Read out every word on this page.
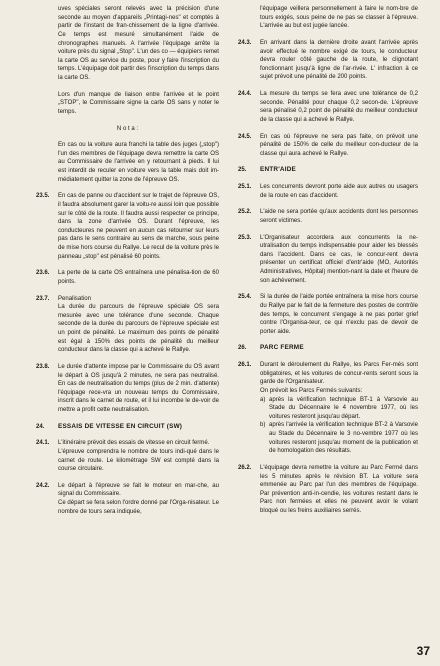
uves spéciales seront relevés avec la précision d'une seconde au moyen d'appareils „Printagi-nes" et comptés à partir de l'instant de fran-chissement de la ligne d'arrivée. Ce temps est mesuré simultanément l'aide de chronographes manuels. A l'arrivée l'équipage arrête la voiture près du signal „Stop". L'un des co — équipiers remet la carte OS au service du poste, pour y faire l'inscription du temps. L'équipage doit partir des l'inscription du temps dans la carte OS.
Lors d'un manque de liaison entre l'arrivée et le point „STOP", le Commissaire signe la carte OS sans y noter le temps.
N o t a :
En cas ou la voiture aura franchi la table des juges („stop") l'un des membres de l'équipage devra remettre la carte OS au Commissaire de l'arrivée en y retournant à pieds. Il lui est interdit de reculer en voiture vers la table mais doit im-médiatement quitter la zone de l'épreuve OS.
23.5.	En cas de panne ou d'accident sur le trajet de l'épreuve OS, il faudra absolument garer la voitu-re aussi loin que possible sur le côté de la route. Il faudra aussi respecter ce principe, dans la zone d'arrivée OS. Durant l'épreuve, les conducteures ne peuvent en aucun cas retourner sur leurs pas dans le sens contraire au sens de marche, sous peine de mise hors course du Rallye. Le recul de la voiture près le panneau „stop" est pénalisé 60 points.
23.6.	La perte de la carte OS entraînera une pénalisa-tion de 60 points.
23.7.	Penalisation
La durée du parcours de l'épreuve spéciale OS sera mesurée avec une tolérance d'une seconde. Chaque seconde de la durée du parcours de l'épreuve spéciale est un point de pénalité. Le maximum des points de pénalité est égal à 150% des points de pénalité du meilleur conducteur dans la classe qui a achevé le Rallye.
23.8.	Le durée d'attente impose par le Commissaire du OS avant le départ à OS jusqu'à 2 minutes, ne sera pas neutralisé. En cas de neutralisation du temps (plus de 2 min. d'attente) l'équipage rece-vra un nouveau temps du Commissaire, inscrit dans le carnet de route, et il lui incombe le de-voir de mettre a profit cette neutralisation.
24.	ESSAIS DE VITESSE EN CIRCUIT (SW)
24.1.	L'itinéraire prévoit des essais de vitesse en circuit fermé.
L'épreuve comprendra le nombre de tours indi-qué dans le carnet de route. Le kilométrage SW est compté dans la course circulaire.
24.2.	Le départ à l'épreuve se fait le moteur en mar-che, au signal du Commissaire.
Ce départ se fera selon l'ordre donné par l'Orga-nisateur. Le nombre de tours sera indiquée,
l'équipage veillera personnellement à faire le nom-bre de tours exigés, sous peine de ne pas se classer à l'épreuve. L'arrivée au but est jugée lancée.
24.3.	En arrivant dans la dernière droite avant l'arrivée après avoir effectué le nombre exigé de tours, le conducteur devra rouler côté gauche de la route, le clignotant fonctionnant jusqu'à ligne de l'ar-rivée. L' infraction à ce sujet prévoit une pénalité de 200 points.
24.4.	La mesure du temps se fera avec une tolérance de 0,2 seconde. Pénalité pour chaque 0,2 secon-de. L'épreuve sera pénalisé 0,2 point de pénalité du meilleur conducteur de la classe qui a achevé le Rallye.
24.5.	En cas où l'épreuve ne sera pas faite, on prévoit une pénalité de 150% de celle du meilleur con-ducteur de la classe qui aura achevé le Rallye.
25.	ENTR'AIDE
25.1.	Les concurrents devront porte aide aux autres ou usagers de la route en cas d'accident.
25.2.	L'aide ne sera portée qu'aux accidents dont les personnes seront victimes.
25.3.	L'Organisateur accordera aux concurrents la ne-utralisation du temps indispensable pour aider les blessés dans l'accident. Dans ce cas, le concur-rent devra présenter un certificat officiel d'entr'aide (MO, Autorités Administratives, Hôpital) mention-nant la date et l'heure de son achèvement.
25.4.	Si la durée de l'aide portée entraînera la mise hors course du Rallye par le fait de la fermeture des postes de contrôle des temps, le concurrent s'engage à ne pas porter grief contre l'Organisa-teur, ce qui n'exclu pas de devoir de porter aide.
26.	PARC FERME
26.1.	Durant le déroulement du Rallye, les Parcs Fer-més sont obligatoires, et les voitures de concur-rents seront sous la garde de l'Organisateur.
On prévoit les Parcs Fermés suivants:
a) après la vérification technique BT-1 à Varsovie au Stade du Décennaire le 4 novembre 1977, où les voitures resteront jusqu'au départ.
b) après l'arrivée la vérification technique BT-2 à Varsovie au Stade du Décennaire le 3 no-vembre 1977 où les voitures resteront jusqu'au moment de la publication et de homologation des résultats.
26.2.	L'équipage devra remettre la voiture au Parc Fermé dans les 5 minutes après le révision BT. La voiture sera emmenée au Parc par l'un des membres de l'équipage. Par prévention anti-in-cendie, les voitures restant dans le Parc non fermées et elles ne peuvent avoir le volant bloqué ou les freins auxiliaires serrés.
37
